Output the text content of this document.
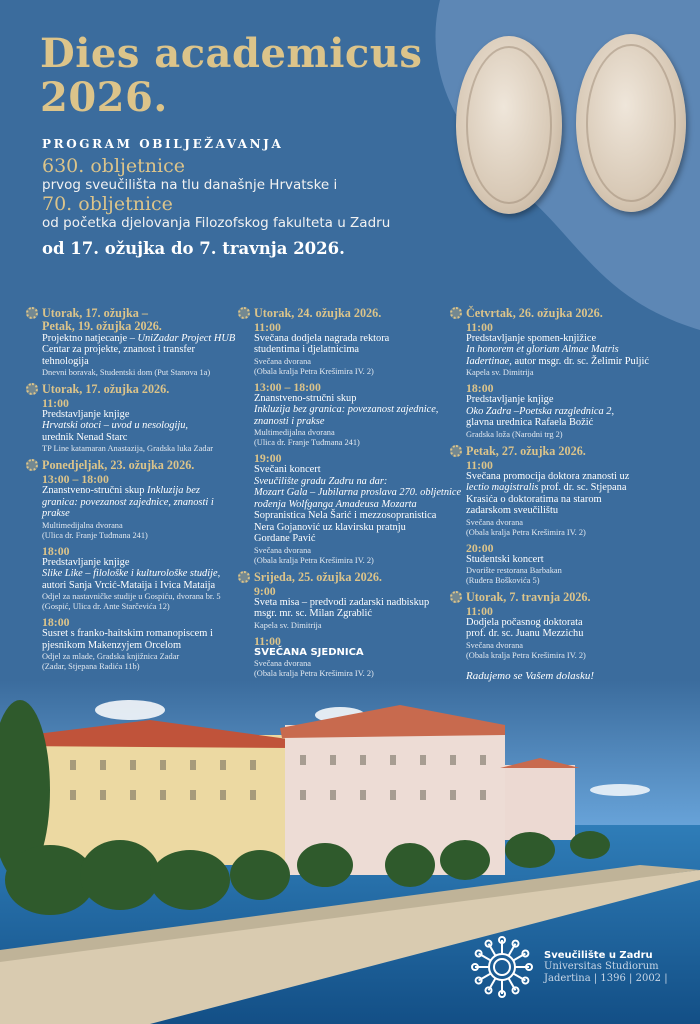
Dies academicus
2026.
PROGRAM OBILJEŽAVANJA
630. obljetnice
prvog sveučilišta na tlu današnje Hrvatske i
70. obljetnice
od početka djelovanja Filozofskog fakulteta u Zadru
od 17. ožujka do 7. travnja 2026.
Utorak, 17. ožujka –
Petak, 19. ožujka 2026.
Projektno natjecanje – UniZadar Project HUB
Centar za projekte, znanost i transfer
tehnologija
Dnevni boravak, Studentski dom (Put Stanova 1a)
Utorak, 17. ožujka 2026.
11:00
Predstavljanje knjige
Hrvatski otoci – uvod u nesologiju,
urednik Nenad Starc
TP Line katamaran Anastazija, Gradska luka Zadar
Ponedjeljak, 23. ožujka 2026.
13:00 – 18:00
Znanstveno-stručni skup Inkluzija bez
granica: povezanost zajednice, znanosti i
prakse
Multimedijalna dvorana
(Ulica dr. Franje Tuđmana 241)
18:00
Predstavljanje knjige
Slike Like – filološke i kulturološke studije,
autori Sanja Vrcić-Mataija i Ivica Mataija
Odjel za nastavničke studije u Gospiću, dvorana br. 5
(Gospić, Ulica dr. Ante Starčevića 12)
18:00
Susret s franko-haitskim romanopiscem i
pjesnikom Makenzyjem Orcelom
Odjel za mlade, Gradska knjižnica Zadar
(Zadar, Stjepana Radića 11b)
Utorak, 24. ožujka 2026.
11:00
Svečana dodjela nagrada rektora
studentima i djelatnicima
Svečana dvorana
(Obala kralja Petra Krešimira IV. 2)
13:00 – 18:00
Znanstveno-stručni skup
Inkluzija bez granica: povezanost zajednice,
znanosti i prakse
Multimedijalna dvorana
(Ulica dr. Franje Tuđmana 241)
19:00
Svečani koncert
Sveučilište gradu Zadru na dar:
Mozart Gala – Jubilarna proslava 270. obljetnice
rođenja Wolfganga Amadeusa Mozarta
Sopranistica Nela Šarić i mezzosopranistica
Nera Gojanović uz klavirsku pratnju
Gordane Pavić
Svečana dvorana
(Obala kralja Petra Krešimira IV. 2)
Srijeda, 25. ožujka 2026.
9:00
Sveta misa – predvodi zadarski nadbiskup
msgr. mr. sc. Milan Zgrablić
Kapela sv. Dimitrija
11:00
SVEČANA SJEDNICA
Svečana dvorana
(Obala kralja Petra Krešimira IV. 2)
Četvrtak, 26. ožujka 2026.
11:00
Predstavljanje spomen-knjižice
In honorem et gloriam Almae Matris
Iadertinae, autor msgr. dr. sc. Želimir Puljić
Kapela sv. Dimitrija
18:00
Predstavljanje knjige
Oko Zadra –Poetska razglednica 2,
glavna urednica Rafaela Božić
Gradska loža (Narodni trg 2)
Petak, 27. ožujka 2026.
11:00
Svečana promocija doktora znanosti uz
lectio magistralis prof. dr. sc. Stjepana
Krasića o doktoratima na starom
zadarskom sveučilištu
Svečana dvorana
(Obala kralja Petra Krešimira IV. 2)
20:00
Studentski koncert
Dvorište restorana Barbakan
(Ruđera Boškovića 5)
Utorak, 7. travnja 2026.
11:00
Dodjela počasnog doktorata
prof. dr. sc. Juanu Mezzichu
Svečana dvorana
(Obala kralja Petra Krešimira IV. 2)
Radujemo se Vašem dolasku!
Sveučilište u Zadru
Universitas Studiorum
Jadertina | 1396 | 2002 |
